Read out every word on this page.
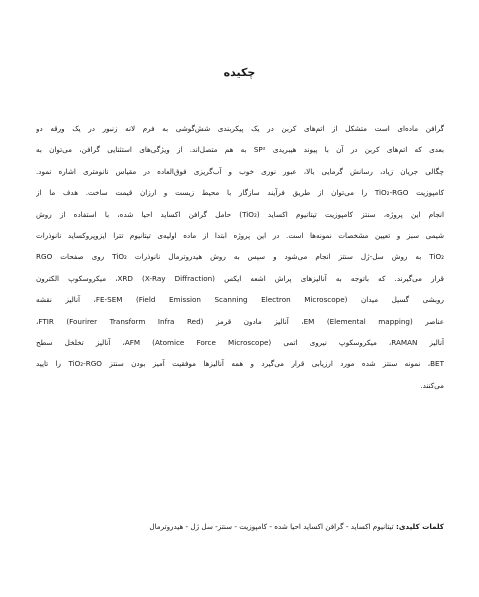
چکیده
گرافن ماده‌ای است متشکل از اتم‌های کربن در یک پیکربندی شش‌گوشی به فرم لانه زنبور در یک ورقه دو
بعدی که اتم‌های کربن در آن با پیوند هیبریدی SP² به هم متصل‌اند. از ویژگی‌های استثنایی گرافن، می‌توان به
چگالی جریان زیاد، رسانش گرمایی بالا، عبور نوری خوب و آب‌گریزی فوق‌العاده در مقیاس نانومتری اشاره نمود.
کامپوزیت TiO₂-RGO را می‌توان از طریق فرآیند سازگار با محیط زیست و ارزان قیمت ساخت. هدف ما از
انجام این پروژه، سنتز کامپوزیت تیتانیوم اکساید (TiO₂) حامل گرافن اکساید احیا شده، با استفاده از روش
شیمی سبز و تعیین مشخصات نمونه‌ها است. در این پروژه ابتدا از ماده اولیه‌ی تیتانیوم تترا ایزوپروکساید نانوذرات
TiO₂ به روش سل-ژل سنتز انجام می‌شود و سپس به روش هیدروترمال نانوذرات TiO₂ روی صفحات RGO
قرار می‌گیرند. که باتوجه به آنالیزهای پراش اشعه ایکس XRD (X-Ray Diffraction)، میکروسکوپ الکترون
روبشی گسیل میدان FE-SEM (Field Emission Scanning Electron Microscope)، آنالیز نقشه
عناصر EM (Elemental mapping)، آنالیز مادون قرمز FTIR (Fourirer Transform Infra Red)،
آنالیز RAMAN، میکروسکوپ نیروی اتمی AFM (Atomice Force Microscope)، آنالیز تخلخل سطح
BET، نمونه سنتز شده مورد ارزیابی قرار می‌گیرد و همه آنالیزها موفقیت آمیز بودن سنتز TiO₂-RGO را تایید
می‌کنند.
کلمات کلیدی: تیتانیوم اکساید - گرافن اکساید احیا شده - کامپوزیت - سنتز- سل ژل - هیدروترمال
